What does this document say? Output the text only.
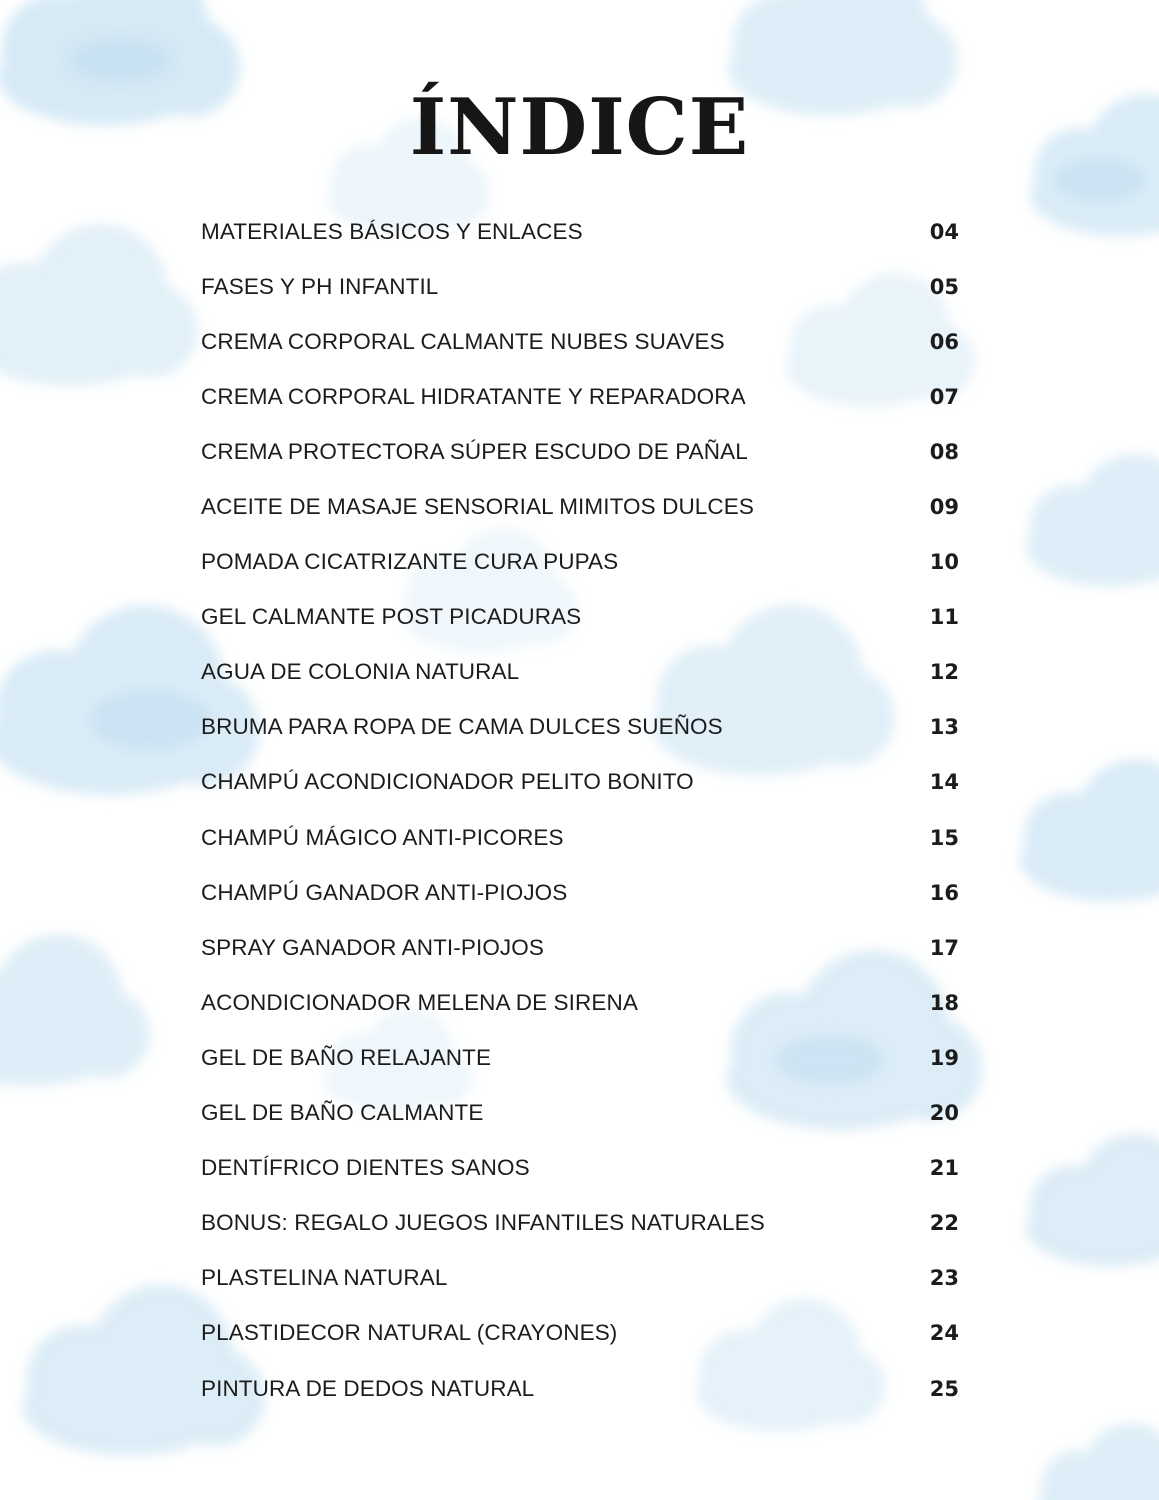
ÍNDICE
MATERIALES BÁSICOS Y ENLACES	04
FASES Y PH INFANTIL	05
CREMA CORPORAL CALMANTE NUBES SUAVES	06
CREMA CORPORAL HIDRATANTE Y REPARADORA	07
CREMA PROTECTORA SÚPER ESCUDO DE PAÑAL	08
ACEITE DE MASAJE SENSORIAL MIMITOS DULCES	09
POMADA CICATRIZANTE CURA PUPAS	10
GEL CALMANTE POST PICADURAS	11
AGUA DE COLONIA NATURAL	12
BRUMA PARA ROPA DE CAMA DULCES SUEÑOS	13
CHAMPÚ ACONDICIONADOR PELITO BONITO	14
CHAMPÚ MÁGICO ANTI-PICORES	15
CHAMPÚ GANADOR ANTI-PIOJOS	16
SPRAY GANADOR ANTI-PIOJOS	17
ACONDICIONADOR MELENA DE SIRENA	18
GEL DE BAÑO RELAJANTE	19
GEL DE BAÑO CALMANTE	20
DENTÍFRICO DIENTES SANOS	21
BONUS: REGALO JUEGOS INFANTILES NATURALES	22
PLASTELINA NATURAL	23
PLASTIDECOR NATURAL (CRAYONES)	24
PINTURA DE DEDOS NATURAL	25
